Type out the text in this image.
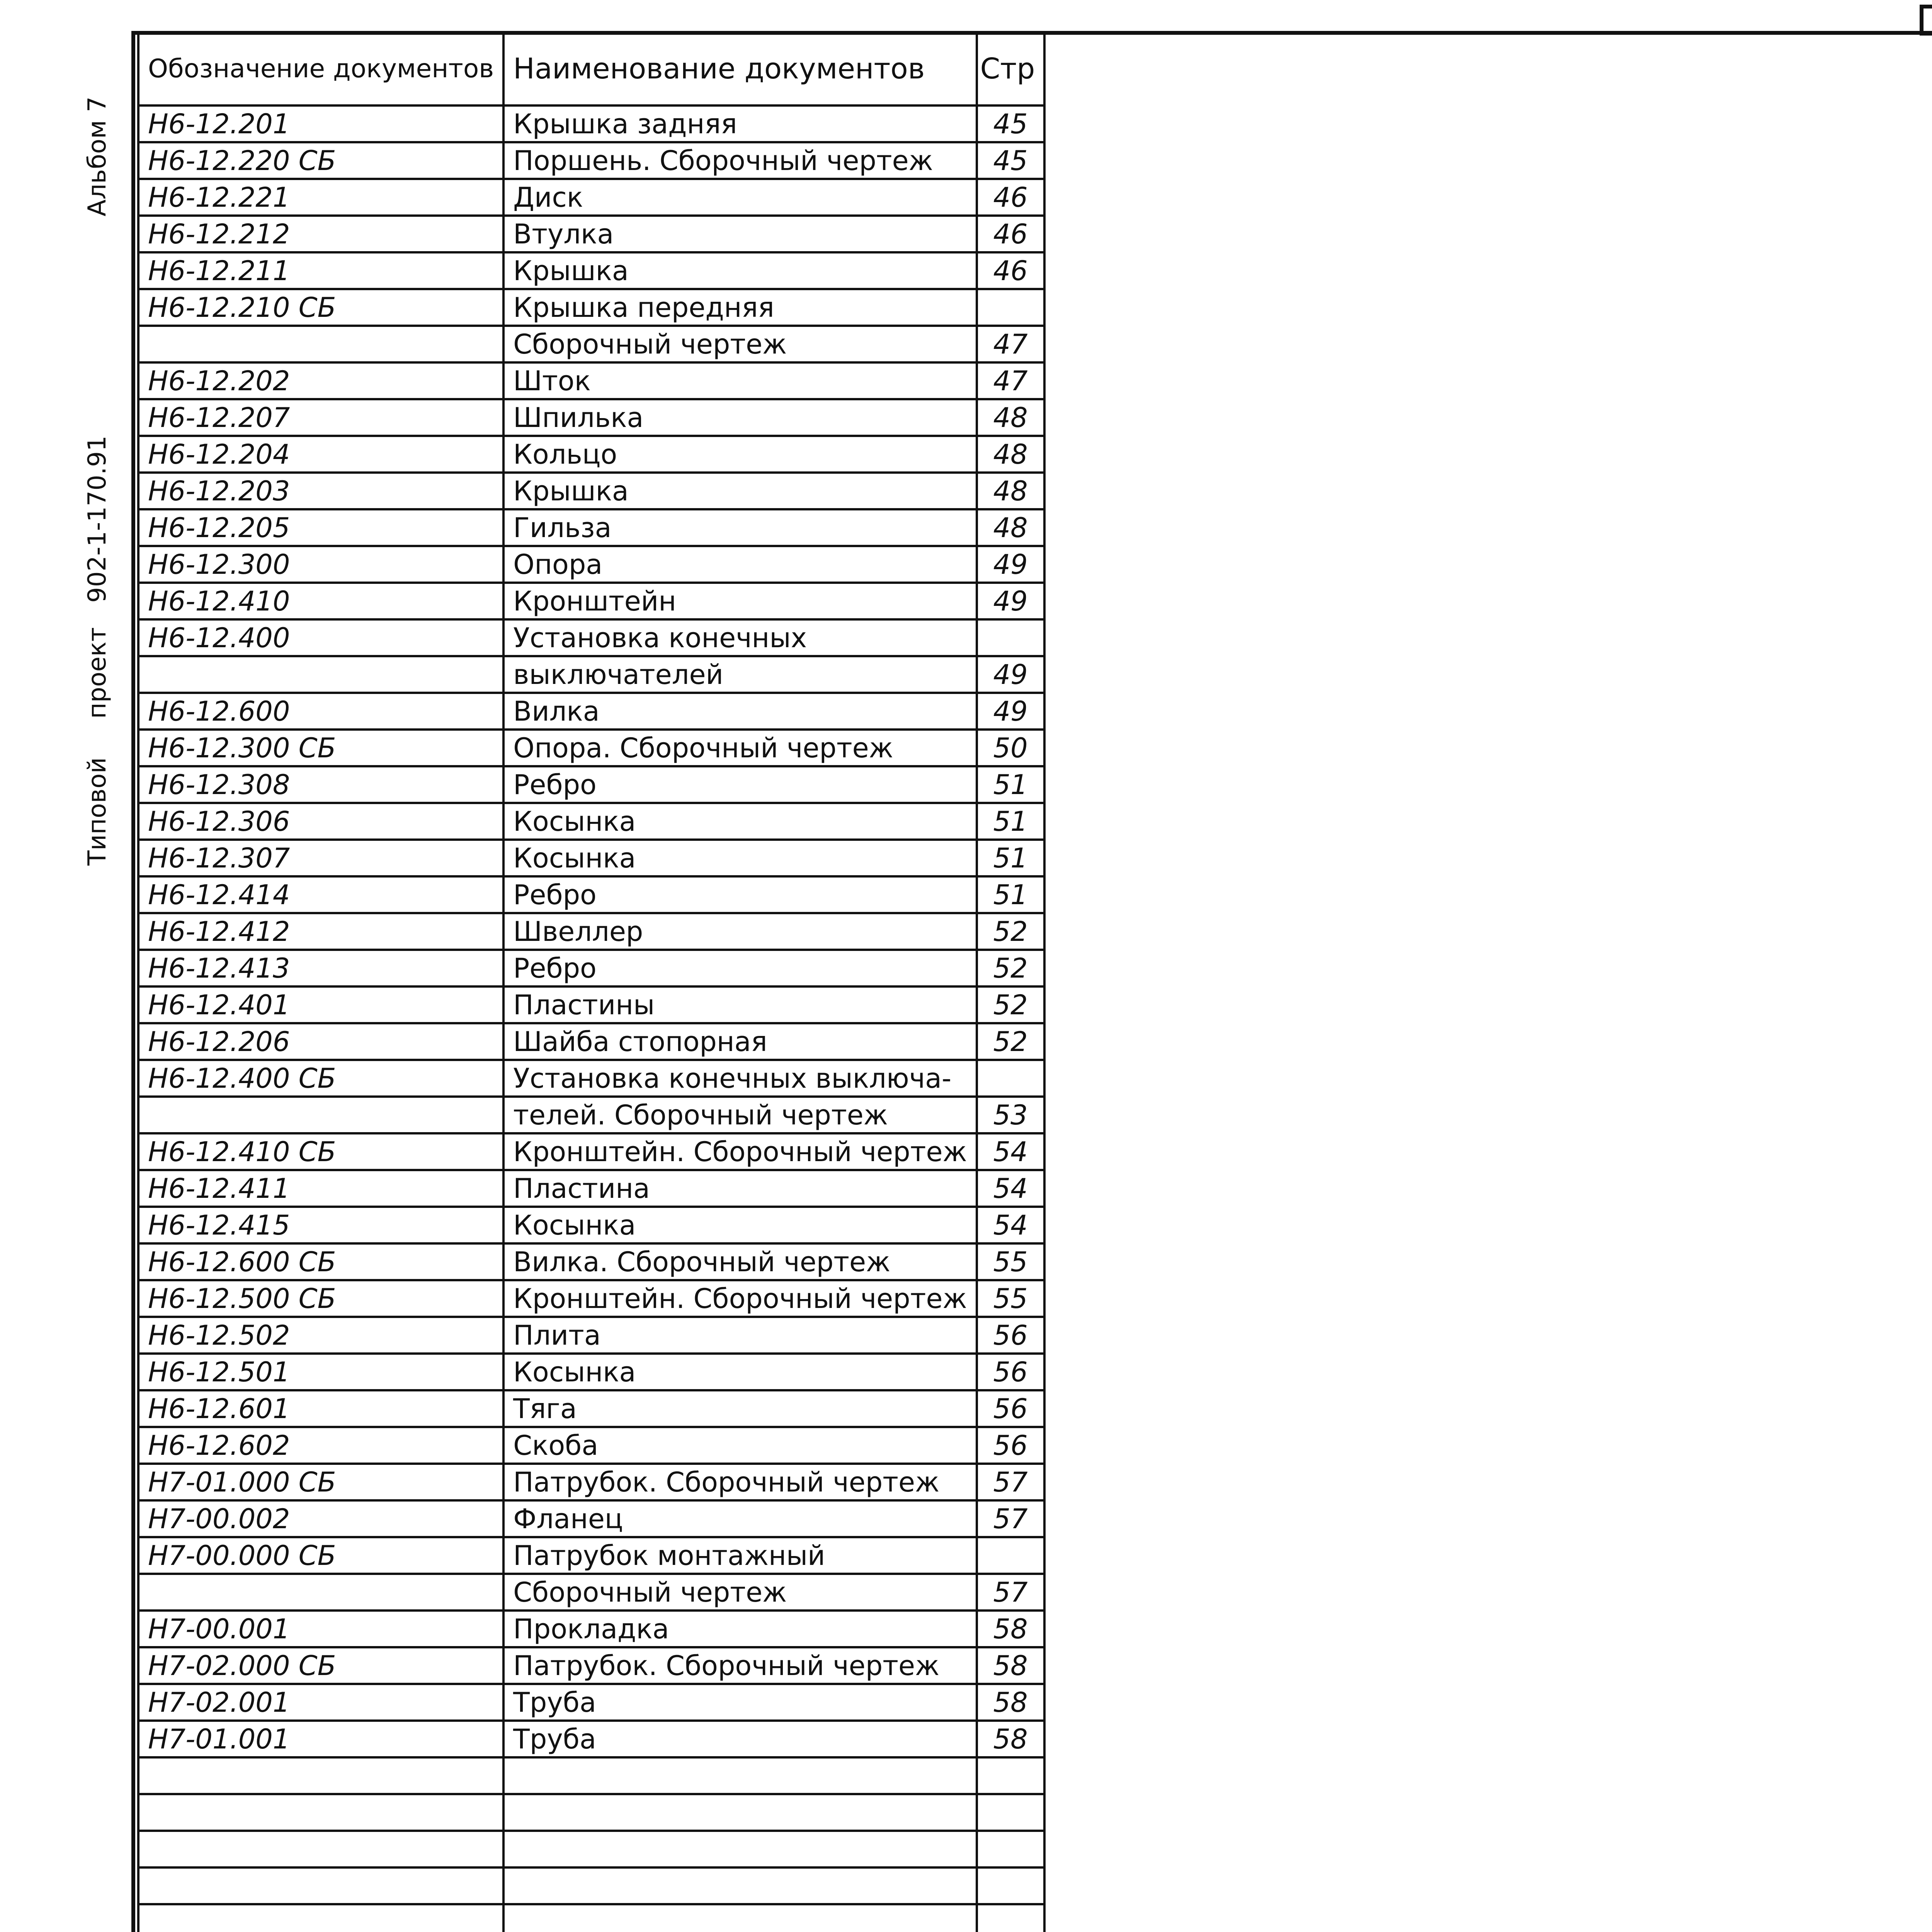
Альбом 7
902-1-170.91
проект
Типовой
Обозначение документов	Наименование документов	Стр	
Н6-12.201	Крышка задняя	45	
Н6-12.220 СБ	Поршень. Сборочный чертеж	45	
Н6-12.221	Диск	46	
Н6-12.212	Втулка	46	
Н6-12.211	Крышка	46	
Н6-12.210 СБ	Крышка передняя		
	Сборочный чертеж	47	
Н6-12.202	Шток	47	
Н6-12.207	Шпилька	48	
Н6-12.204	Кольцо	48	
Н6-12.203	Крышка	48	
Н6-12.205	Гильза	48	
Н6-12.300	Опора	49	
Н6-12.410	Кронштейн	49	
Н6-12.400	Установка конечных		
	выключателей	49	
Н6-12.600	Вилка	49	
Н6-12.300 СБ	Опора. Сборочный чертеж	50	
Н6-12.308	Ребро	51	
Н6-12.306	Косынка	51	
Н6-12.307	Косынка	51	
Н6-12.414	Ребро	51	
Н6-12.412	Швеллер	52	
Н6-12.413	Ребро	52	
Н6-12.401	Пластины	52	
Н6-12.206	Шайба стопорная	52	
Н6-12.400 СБ	Установка конечных выключа-		
	телей. Сборочный чертеж	53	
Н6-12.410 СБ	Кронштейн. Сборочный чертеж	54	
Н6-12.411	Пластина	54	
Н6-12.415	Косынка	54	
Н6-12.600 СБ	Вилка. Сборочный чертеж	55	
Н6-12.500 СБ	Кронштейн. Сборочный чертеж	55	
Н6-12.502	Плита	56	
Н6-12.501	Косынка	56	
Н6-12.601	Тяга	56	
Н6-12.602	Скоба	56	
Н7-01.000 СБ	Патрубок. Сборочный чертеж	57	
Н7-00.002	Фланец	57	
Н7-00.000 СБ	Патрубок монтажный		
	Сборочный чертеж	57	
Н7-00.001	Прокладка	58	
Н7-02.000 СБ	Патрубок. Сборочный чертеж	58	
Н7-02.001	Труба	58	
Н7-01.001	Труба	58	
